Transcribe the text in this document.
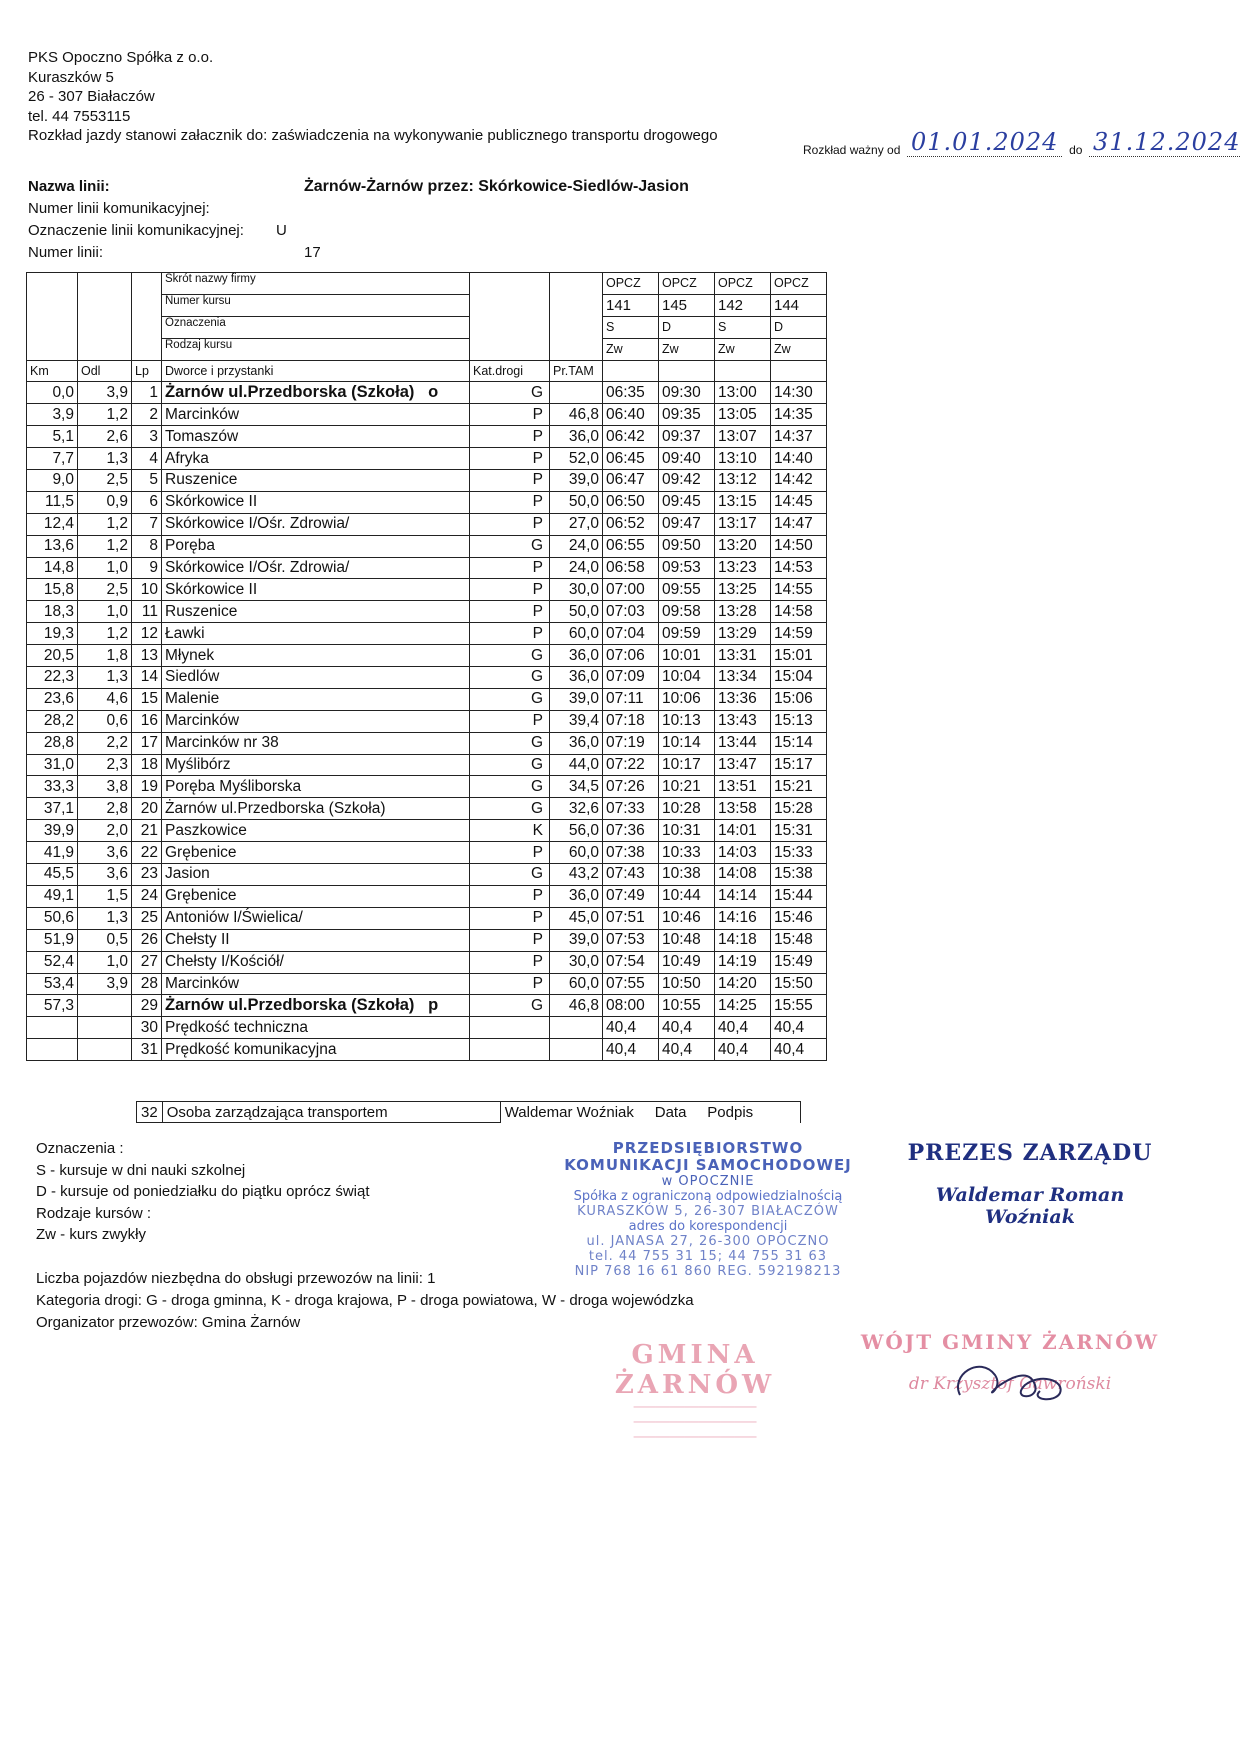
PKS Opoczno Spółka z o.o.
Kuraszków 5
26 - 307 Białaczów
tel. 44 7553115
Rozkład jazdy stanowi załacznik do: zaświadczenia na wykonywanie publicznego transportu drogowego
Rozkład ważny od 01.01.2024 do 31.12.2024
Nazwa linii:	Żarnów-Żarnów przez: Skórkowice-Siedlów-Jasion
Numer linii komunikacyjnej:
Oznaczenie linii komunikacyjnej: U
Numer linii:	17
			Skrót nazwy firmy			OPCZ	OPCZ	OPCZ	OPCZ
			Numer kursu			141	145	142	144
			Oznaczenia			S	D	S	D
			Rodzaj kursu			Zw	Zw	Zw	Zw
Km	Odl	Lp	Dworce i przystanki	Kat.drogi	Pr.TAM				
0,0	3,9	1	Żarnów ul.Przedborska (Szkoła)   o	G		06:35	09:30	13:00	14:30
3,9	1,2	2	Marcinków	P	46,8	06:40	09:35	13:05	14:35
5,1	2,6	3	Tomaszów	P	36,0	06:42	09:37	13:07	14:37
7,7	1,3	4	Afryka	P	52,0	06:45	09:40	13:10	14:40
9,0	2,5	5	Ruszenice	P	39,0	06:47	09:42	13:12	14:42
11,5	0,9	6	Skórkowice II	P	50,0	06:50	09:45	13:15	14:45
12,4	1,2	7	Skórkowice I/Ośr. Zdrowia/	P	27,0	06:52	09:47	13:17	14:47
13,6	1,2	8	Poręba	G	24,0	06:55	09:50	13:20	14:50
14,8	1,0	9	Skórkowice I/Ośr. Zdrowia/	P	24,0	06:58	09:53	13:23	14:53
15,8	2,5	10	Skórkowice II	P	30,0	07:00	09:55	13:25	14:55
18,3	1,0	11	Ruszenice	P	50,0	07:03	09:58	13:28	14:58
19,3	1,2	12	Ławki	P	60,0	07:04	09:59	13:29	14:59
20,5	1,8	13	Młynek	G	36,0	07:06	10:01	13:31	15:01
22,3	1,3	14	Siedlów	G	36,0	07:09	10:04	13:34	15:04
23,6	4,6	15	Malenie	G	39,0	07:11	10:06	13:36	15:06
28,2	0,6	16	Marcinków	P	39,4	07:18	10:13	13:43	15:13
28,8	2,2	17	Marcinków nr 38	G	36,0	07:19	10:14	13:44	15:14
31,0	2,3	18	Myślibórz	G	44,0	07:22	10:17	13:47	15:17
33,3	3,8	19	Poręba Myśliborska	G	34,5	07:26	10:21	13:51	15:21
37,1	2,8	20	Żarnów ul.Przedborska (Szkoła)	G	32,6	07:33	10:28	13:58	15:28
39,9	2,0	21	Paszkowice	K	56,0	07:36	10:31	14:01	15:31
41,9	3,6	22	Grębenice	P	60,0	07:38	10:33	14:03	15:33
45,5	3,6	23	Jasion	G	43,2	07:43	10:38	14:08	15:38
49,1	1,5	24	Grębenice	P	36,0	07:49	10:44	14:14	15:44
50,6	1,3	25	Antoniów I/Świelica/	P	45,0	07:51	10:46	14:16	15:46
51,9	0,5	26	Chełsty II	P	39,0	07:53	10:48	14:18	15:48
52,4	1,0	27	Chełsty I/Kościół/	P	30,0	07:54	10:49	14:19	15:49
53,4	3,9	28	Marcinków	P	60,0	07:55	10:50	14:20	15:50
57,3		29	Żarnów ul.Przedborska (Szkoła)   p	G	46,8	08:00	10:55	14:25	15:55
		30	Prędkość techniczna			40,4	40,4	40,4	40,4
		31	Prędkość komunikacyjna			40,4	40,4	40,4	40,4
32	Osoba zarządzająca transportem	Waldemar Woźniak Data Podpis
Oznaczenia :
S - kursuje w dni nauki szkolnej
D - kursuje od poniedziałku do piątku oprócz świąt
Rodzaje kursów :
Zw - kurs zwykły
Liczba pojazdów niezbędna do obsługi przewozów na linii: 1
Kategoria drogi: G - droga gminna, K - droga krajowa, P - droga powiatowa, W - droga wojewódzka
Organizator przewozów: Gmina Żarnów
PRZEDSIĘBIORSTWO
KOMUNIKACJI SAMOCHODOWEJ
w OPOCZNIE
Spółka z ograniczoną odpowiedzialnością
KURASZKÓW 5, 26-307 BIAŁACZÓW
adres do korespondencji
ul. JANASA 27, 26-300 OPOCZNO
tel. 44 755 31 15; 44 755 31 63
NIP 768 16 61 860 REG. 592198213
PREZES ZARZĄDU
Waldemar Roman Woźniak
GMINA ŻARNÓW
─────────────────
─────────────────
─────────────────
WÓJT GMINY ŻARNÓW
dr Krzysztof Gawroński
